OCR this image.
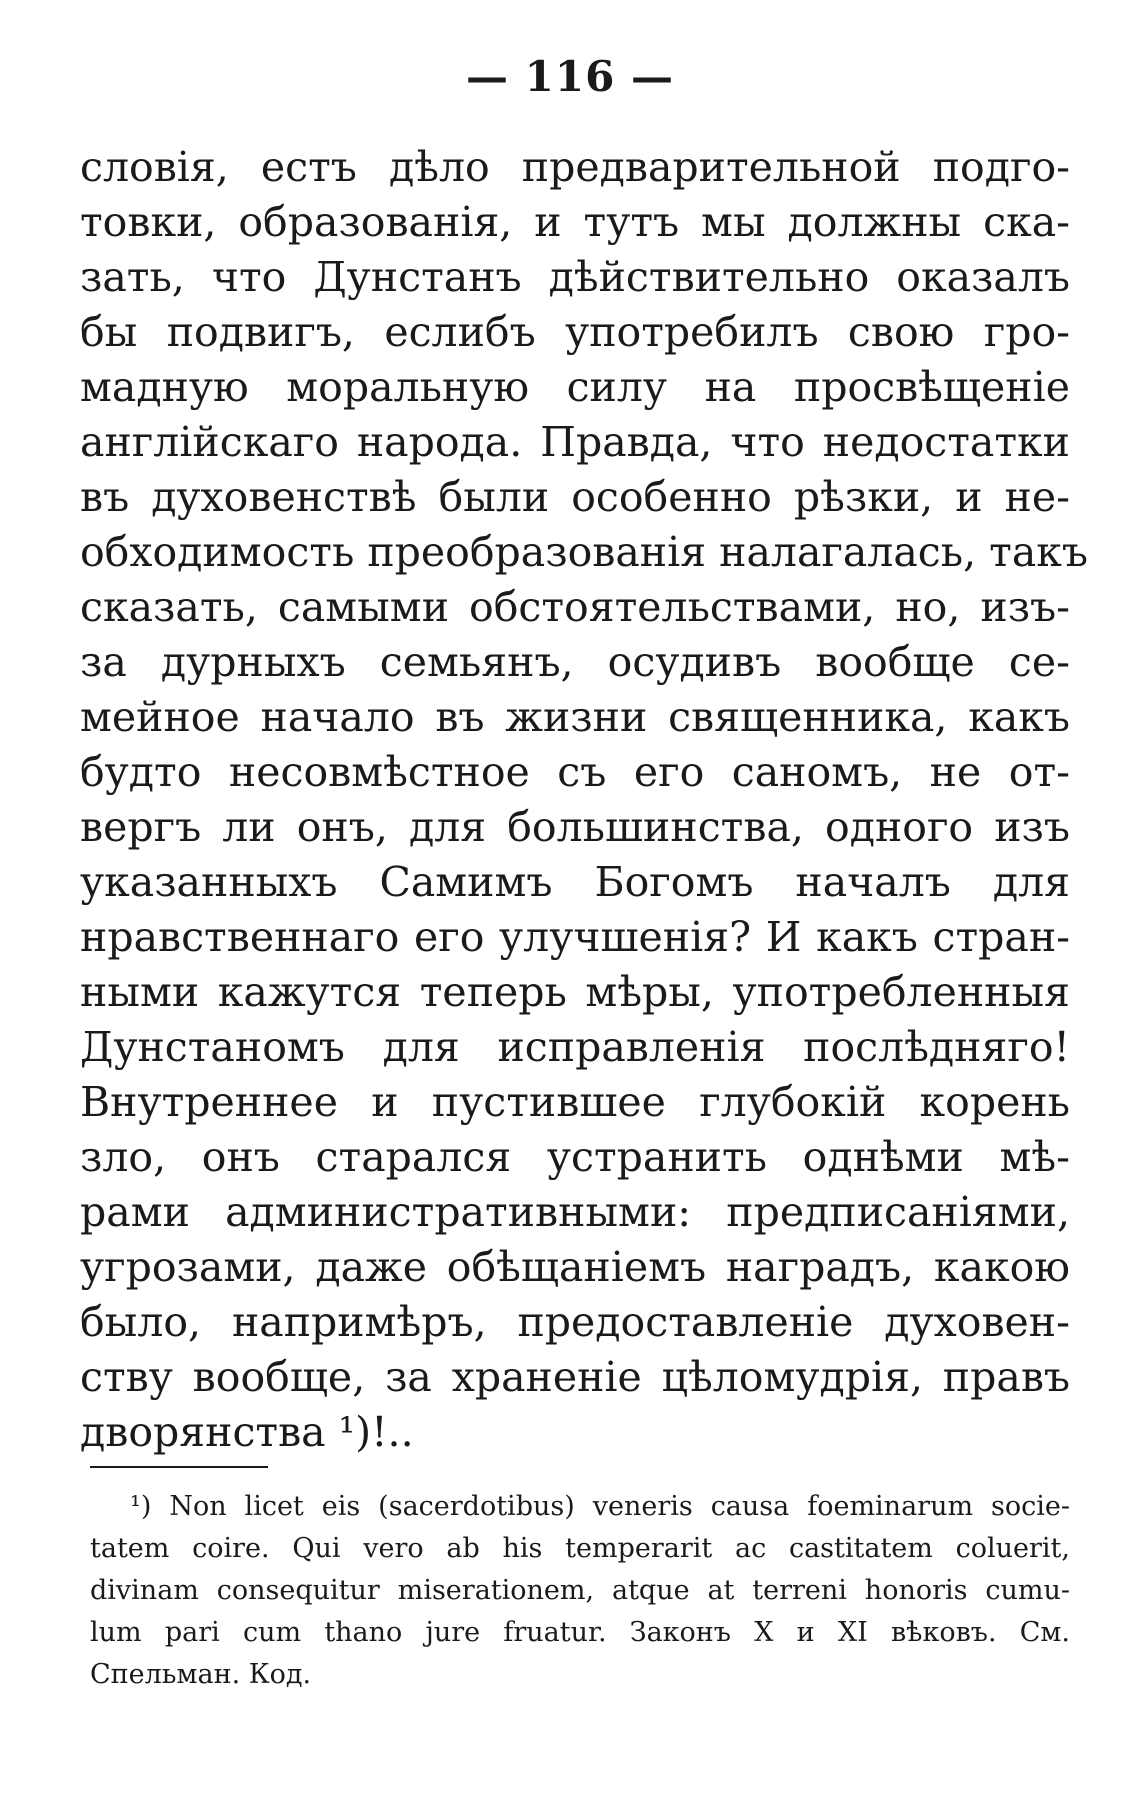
— 116 —
словія, естъ дѣло предварительной подго-
товки, образованія, и тутъ мы должны ска-
зать, что Дунстанъ дѣйствительно оказалъ
бы подвигъ, еслибъ употребилъ свою гро-
мадную моральную силу на просвѣщеніе
англійскаго народа. Правда, что недостатки
въ духовенствѣ были особенно рѣзки, и не-
обходимость преобразованія налагалась, такъ
сказать, самыми обстоятельствами, но, изъ-
за дурныхъ семьянъ, осудивъ вообще се-
мейное начало въ жизни священника, какъ
будто несовмѣстное съ его саномъ, не от-
вергъ ли онъ, для большинства, одного изъ
указанныхъ Самимъ Богомъ началъ для
нравственнаго его улучшенія? И какъ стран-
ными кажутся теперь мѣры, употребленныя
Дунстаномъ для исправленія послѣдняго!
Внутреннее и пустившее глубокій корень
зло, онъ старался устранить однѣми мѣ-
рами административными: предписаніями,
угрозами, даже обѣщаніемъ наградъ, какою
было, напримѣръ, предоставленіе духовен-
ству вообще, за храненіе цѣломудрія, правъ
дворянства ¹)!..
¹) Non licet eis (sacerdotibus) veneris causa foeminarum socie-
tatem coire. Qui vero ab his temperarit ac castitatem coluerit,
divinam consequitur miserationem, atque at terreni honoris cumu-
lum pari cum thano jure fruatur. Законъ X и XI вѣковъ. См.
Спельман. Код.
